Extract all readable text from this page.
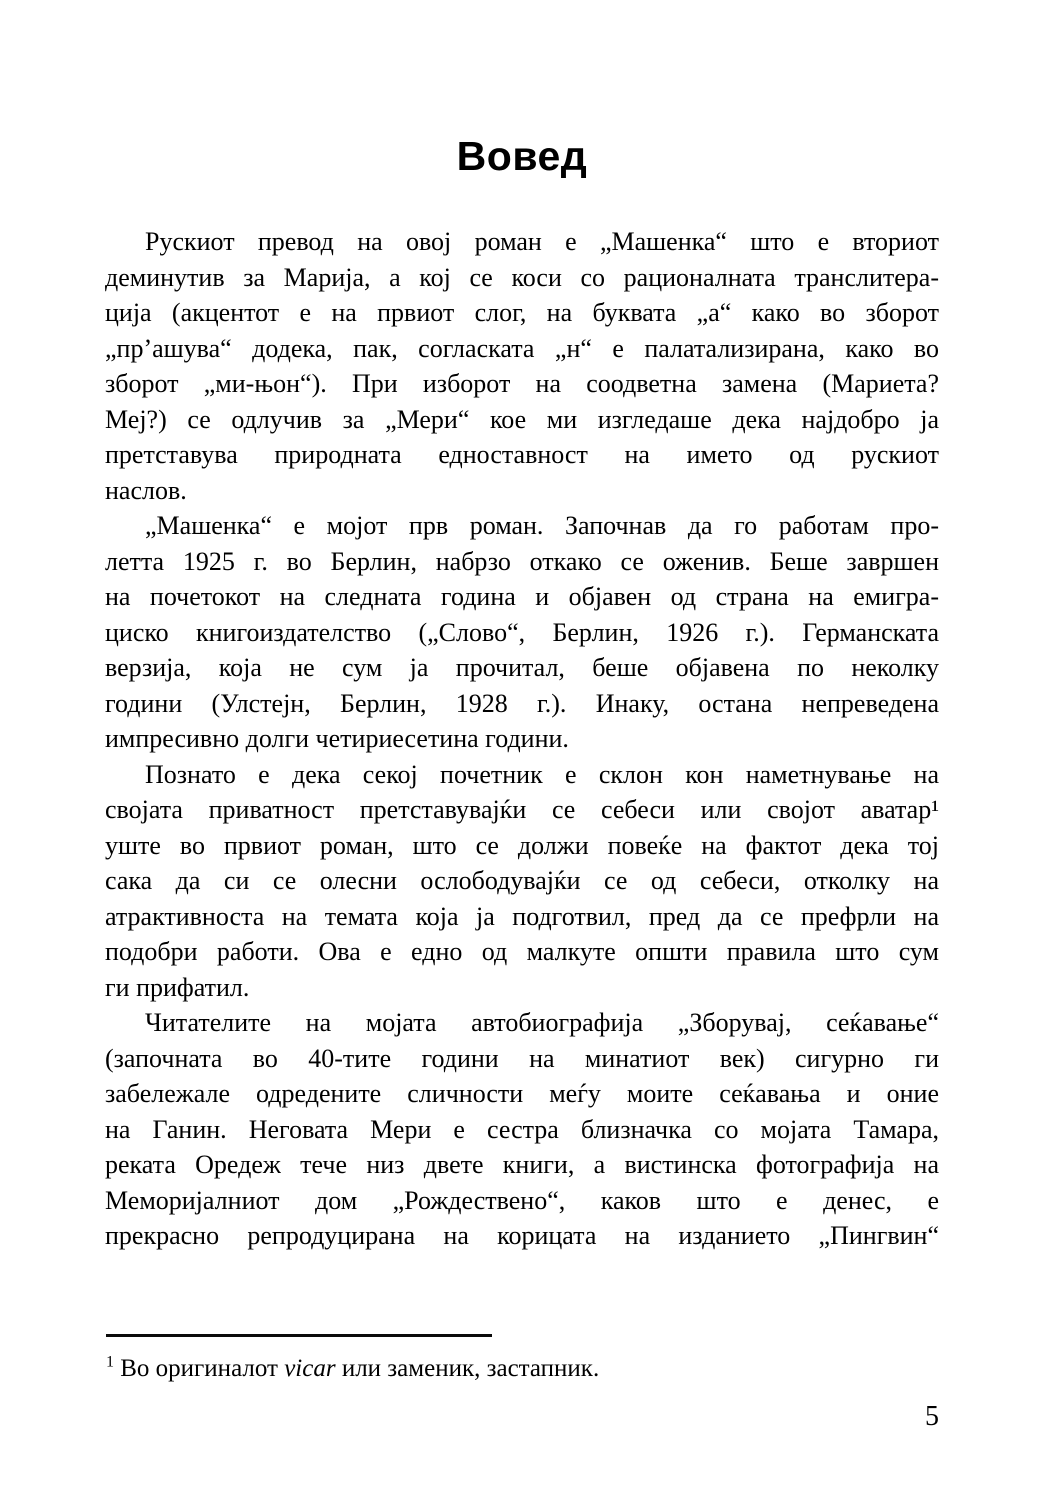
Вовед
Рускиот превод на овој роман е „Машенка“ што е вториот
деминутив за Марија, а кој се коси со рационалната транслитера-
ција (акцентот е на првиот слог, на буквата „а“ како во зборот
„пр’ашува“ додека, пак, согласката „н“ е палатализирана, како во
зборот „ми-њон“). При изборот на соодветна замена (Мариета?
Меј?) се одлучив за „Мери“ кое ми изгледаше дека најдобро ја
претставува природната едноставност на името од рускиот
наслов.
„Машенка“ е мојот прв роман. Започнав да го работам про-
летта 1925 г. во Берлин, набрзо откако се оженив. Беше завршен
на почетокот на следната година и објавен од страна на емигра-
циско книгоиздателство („Слово“, Берлин, 1926 г.). Германската
верзија, која не сум ја прочитал, беше објавена по неколку
години (Улстејн, Берлин, 1928 г.). Инаку, остана непреведена
импресивно долги четириесетина години.
Познато е дека секој почетник е склон кон наметнување на
својата приватност претставувајќи се себеси или својот аватар¹
уште во првиот роман, што се должи повеќе на фактот дека тој
сака да си се олесни ослободувајќи се од себеси, отколку на
атрактивноста на темата која ја подготвил, пред да се префрли на
подобри работи. Ова е едно од малкуте општи правила што сум
ги прифатил.
Читателите на мојата автобиографија „Зборувај, сеќавање“
(започната во 40-тите години на минатиот век) сигурно ги
забележале одредените сличности меѓу моите сеќавања и оние
на Ганин. Неговата Мери е сестра близначка со мојата Тамара,
реката Оредеж тече низ двете книги, а вистинска фотографија на
Меморијалниот дом „Рождествено“, каков што е денес, е
прекрасно репродуцирана на корицата на изданието „Пингвин“
$^1$ Во оригиналот vicar или заменик, застапник.
5
